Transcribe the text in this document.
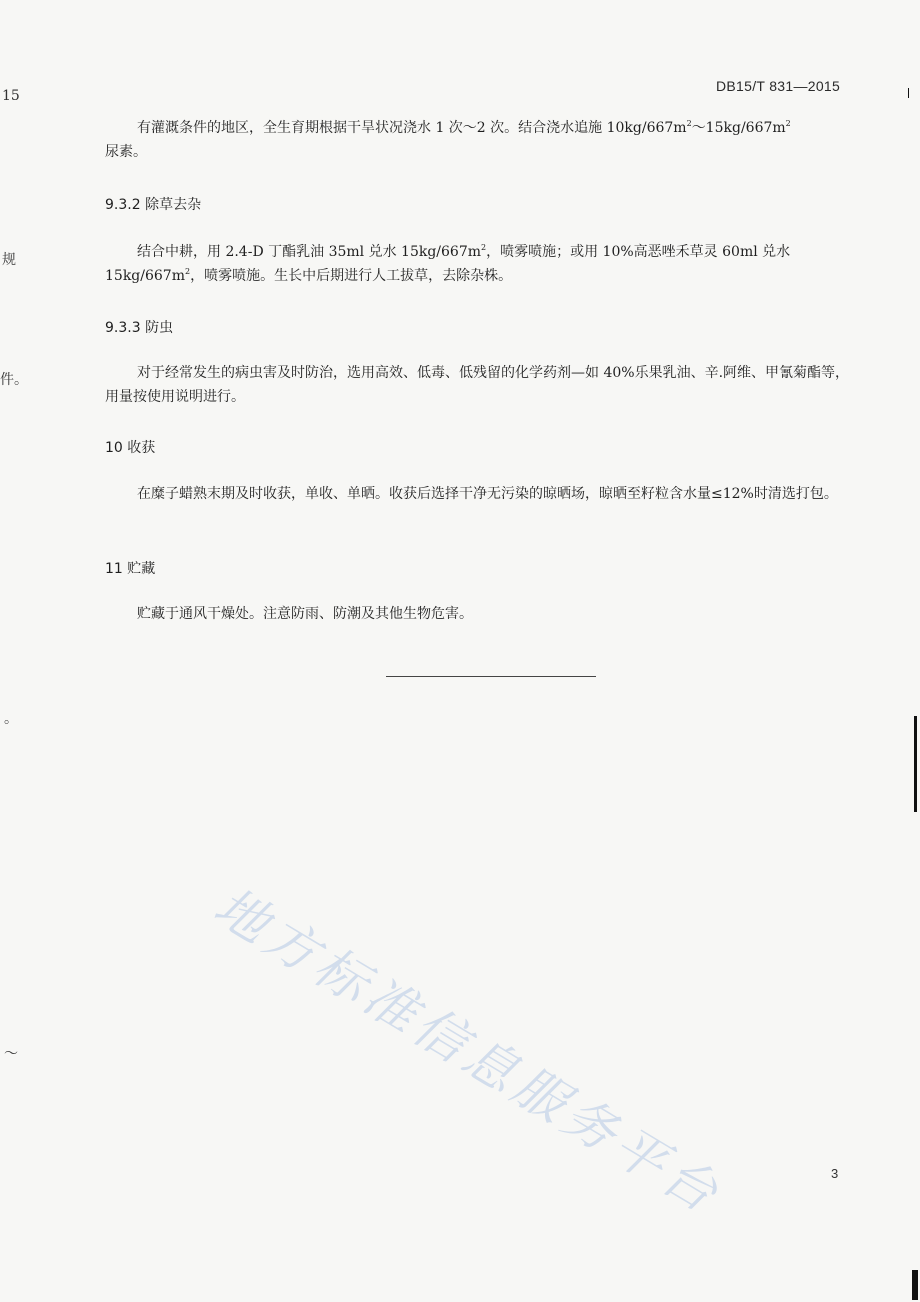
DB15/T 831—2015
15
规
件。
。
～
有灌溉条件的地区，全生育期根据干旱状况浇水 1 次～2 次。结合浇水追施 $10kg/667m^2\sim 15kg/667m^2$
尿素。
9.3.2 除草去杂
结合中耕，用 2.4-D 丁酯乳油 35ml 兑水 $15kg/667m^2$，喷雾喷施；或用 10%高恶唑禾草灵 60ml 兑水 $15kg/667m^2$，喷雾喷施。生长中后期进行人工拔草，去除杂株。
9.3.3 防虫
对于经常发生的病虫害及时防治，选用高效、低毒、低残留的化学药剂—如 40%乐果乳油、辛.阿维、甲氰菊酯等，用量按使用说明进行。
10 收获
在糜子蜡熟末期及时收获，单收、单晒。收获后选择干净无污染的晾晒场，晾晒至籽粒含水量≤12%时清选打包。
11 贮藏
贮藏于通风干燥处。注意防雨、防潮及其他生物危害。
地方标准信息服务平台	3
